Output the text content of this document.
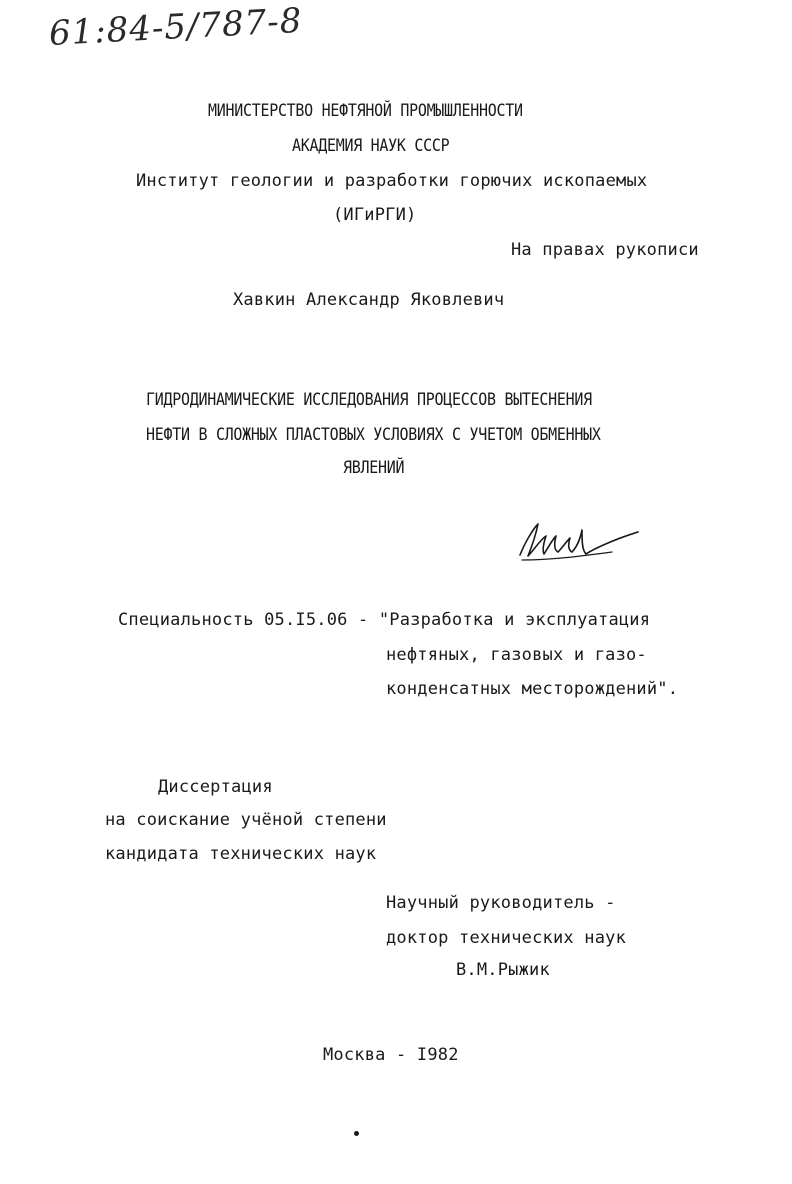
61:84-5/787-8
МИНИСТЕРСТВО НЕФТЯНОЙ ПРОМЫШЛЕННОСТИ
АКАДЕМИЯ НАУК СССР
Институт геологии и разработки горючих ископаемых
(ИГиРГИ)
На правах рукописи
Хавкин Александр Яковлевич
ГИДРОДИНАМИЧЕСКИЕ ИССЛЕДОВАНИЯ ПРОЦЕССОВ ВЫТЕСНЕНИЯ
НЕФТИ В СЛОЖНЫХ ПЛАСТОВЫХ УСЛОВИЯХ С УЧЕТОМ ОБМЕННЫХ
ЯВЛЕНИЙ
Специальность 05.I5.06 - "Разработка и эксплуатация
нефтяных, газовых и газо-
конденсатных месторождений".
Диссертация
на соискание учёной степени
кандидата технических наук
Научный руководитель -
доктор технических наук
В.М.Рыжик
Москва - I982
